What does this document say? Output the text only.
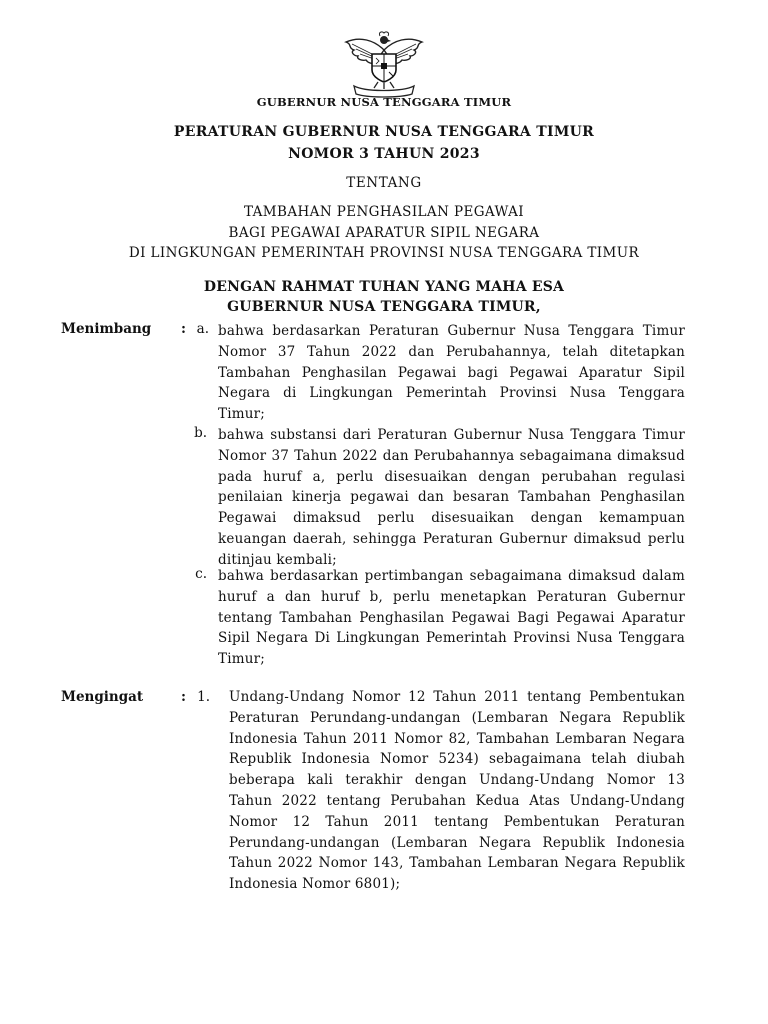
GUBERNUR NUSA TENGGARA TIMUR
PERATURAN GUBERNUR NUSA TENGGARA TIMUR
NOMOR 3 TAHUN 2023
TENTANG
TAMBAHAN PENGHASILAN PEGAWAI
BAGI PEGAWAI APARATUR SIPIL NEGARA
DI LINGKUNGAN PEMERINTAH PROVINSI NUSA TENGGARA TIMUR
DENGAN RAHMAT TUHAN YANG MAHA ESA
GUBERNUR NUSA TENGGARA TIMUR,
Menimbang : a. bahwa berdasarkan Peraturan Gubernur Nusa Tenggara Timur Nomor 37 Tahun 2022 dan Perubahannya, telah ditetapkan Tambahan Penghasilan Pegawai bagi Pegawai Aparatur Sipil Negara di Lingkungan Pemerintah Provinsi Nusa Tenggara Timur;

b. bahwa substansi dari Peraturan Gubernur Nusa Tenggara Timur Nomor 37 Tahun 2022 dan Perubahannya sebagaimana dimaksud pada huruf a, perlu disesuaikan dengan perubahan regulasi penilaian kinerja pegawai dan besaran Tambahan Penghasilan Pegawai dimaksud perlu disesuaikan dengan kemampuan keuangan daerah, sehingga Peraturan Gubernur dimaksud perlu ditinjau kembali;

c. bahwa berdasarkan pertimbangan sebagaimana dimaksud dalam huruf a dan huruf b, perlu menetapkan Peraturan Gubernur tentang Tambahan Penghasilan Pegawai Bagi Pegawai Aparatur Sipil Negara Di Lingkungan Pemerintah Provinsi Nusa Tenggara Timur;

Mengingat	: 1. Undang-Undang Nomor 12 Tahun 2011 tentang Pembentukan Peraturan Perundang-undangan (Lembaran Negara Republik Indonesia Tahun 2011 Nomor 82, Tambahan Lembaran Negara Republik Indonesia Nomor 5234) sebagaimana telah diubah beberapa kali terakhir dengan Undang-Undang Nomor 13 Tahun 2022 tentang Perubahan Kedua Atas Undang-Undang Nomor 12 Tahun 2011 tentang Pembentukan Peraturan Perundang-undangan (Lembaran Negara Republik Indonesia Tahun 2022 Nomor 143, Tambahan Lembaran Negara Republik Indonesia Nomor 6801);
